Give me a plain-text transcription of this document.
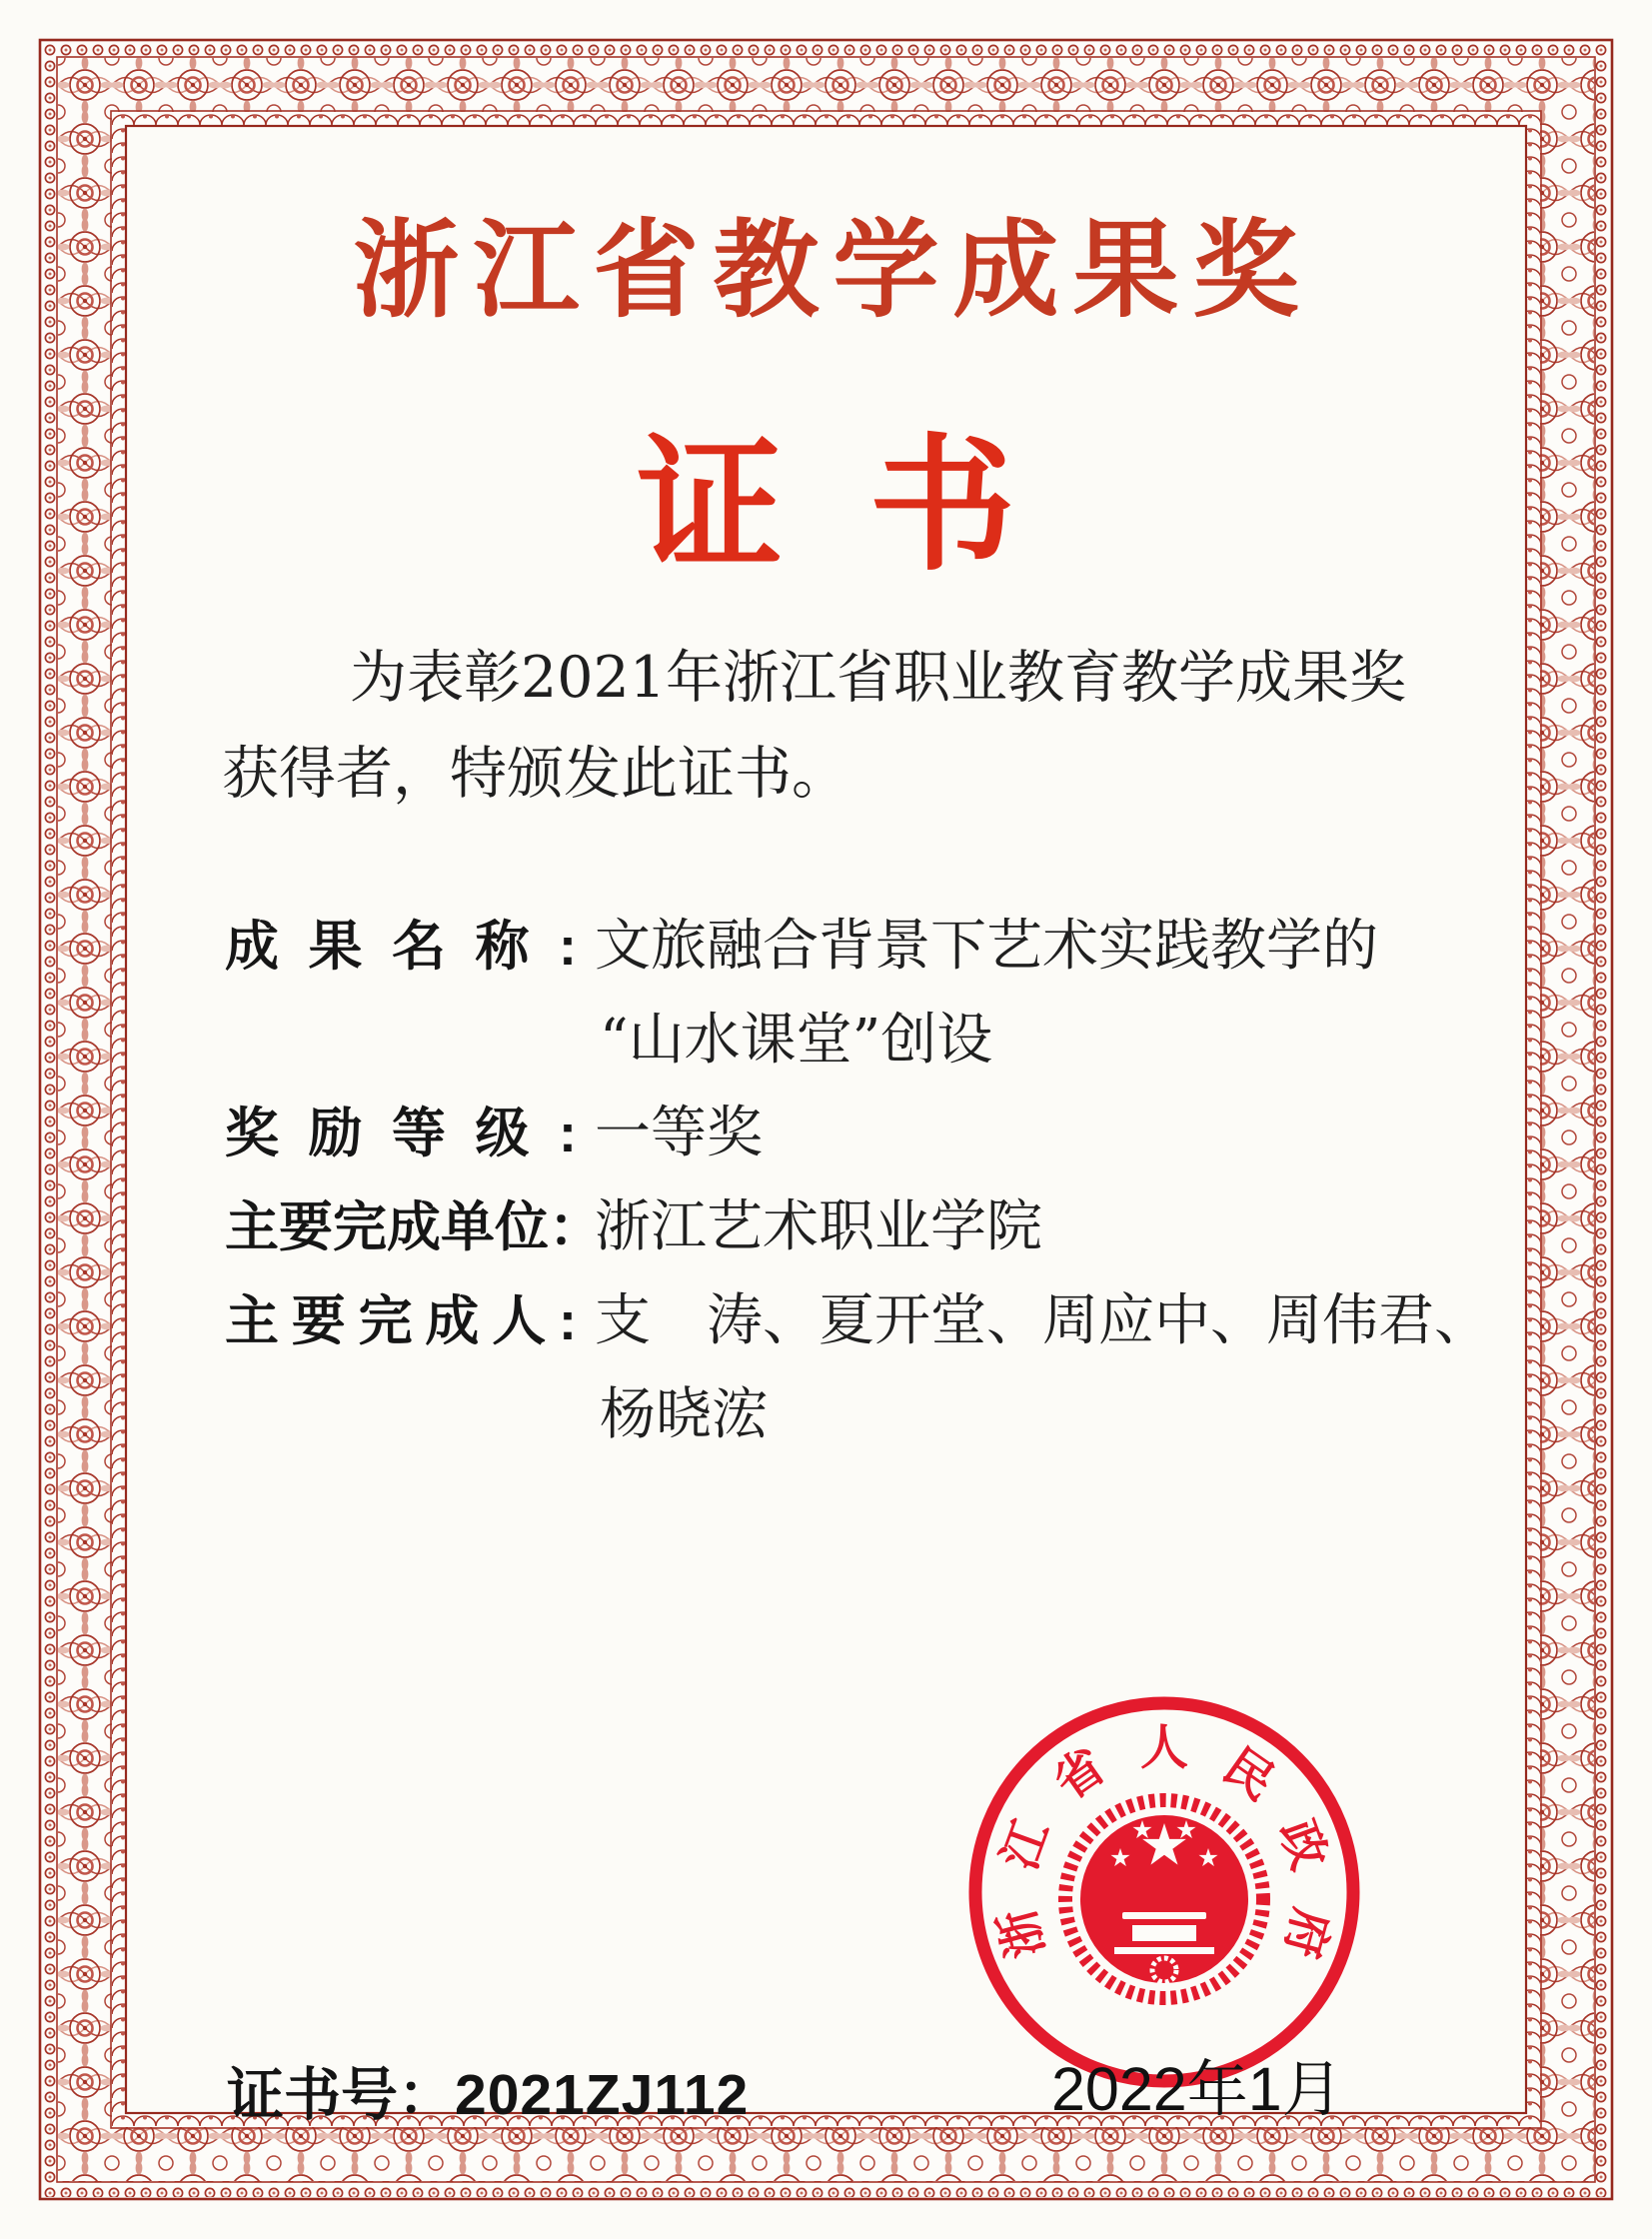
浙江省教学成果奖
证 书
为表彰2021年浙江省职业教育教学成果奖
获得者，特颁发此证书。
成果名称: 文旅融合背景下艺术实践教学的
“山水课堂”创设
奖励等级: 一等奖
主要完成单位：
浙江艺术职业学院
主要完成人: 支　涛、夏开堂、周应中、周伟君、
杨晓浤
浙
江
省 人 民
政
府
证书号： 2021ZJ112	2022年1月
